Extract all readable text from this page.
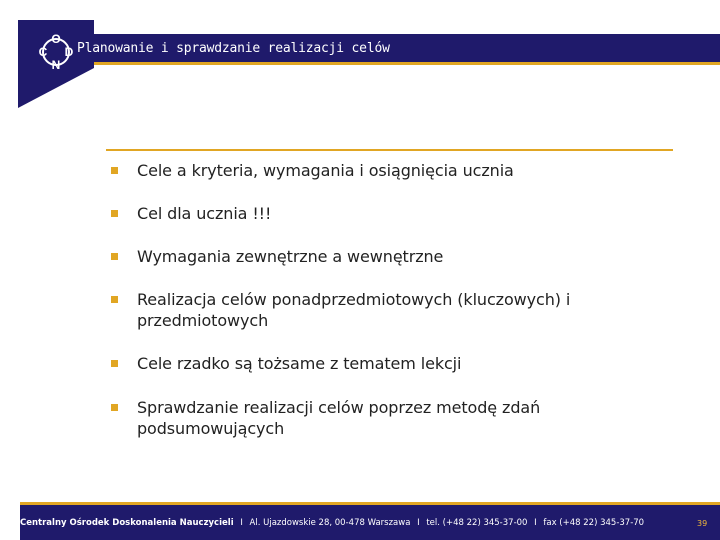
O
C D
N
Planowanie i sprawdzanie realizacji celów
Cele a kryteria, wymagania i osiągnięcia ucznia
Cel dla ucznia !!!
Wymagania zewnętrzne a wewnętrzne
Realizacja celów ponadprzedmiotowych (kluczowych) i
przedmiotowych
Cele rzadko są tożsame z tematem lekcji
Sprawdzanie realizacji celów poprzez metodę zdań
podsumowujących
Centralny Ośrodek Doskonalenia Nauczycieli I Al. Ujazdowskie 28, 00-478 Warszawa I tel. (+48 22) 345-37-00 I fax (+48 22) 345-37-70	39
